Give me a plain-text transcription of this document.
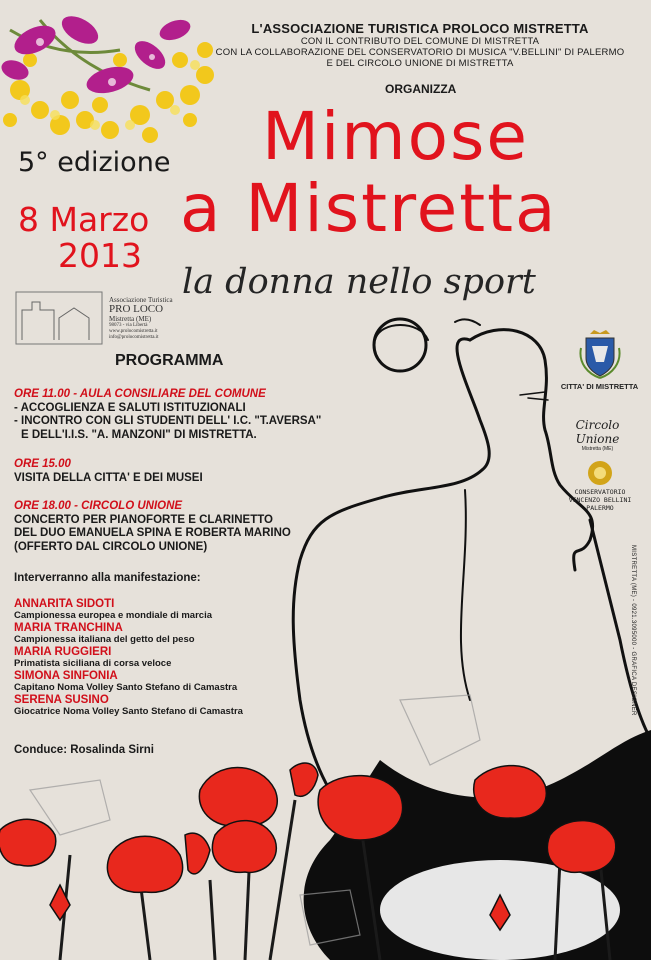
L'ASSOCIAZIONE TURISTICA PROLOCO MISTRETTA
CON IL CONTRIBUTO DEL COMUNE DI MISTRETTA
CON LA COLLABORAZIONE DEL CONSERVATORIO DI MUSICA "V.BELLINI" DI PALERMO
E DEL CIRCOLO UNIONE DI MISTRETTA
ORGANIZZA
Mimose
a Mistretta
5° edizione
8 Marzo
2013
la donna nello sport
Associazione Turistica
PRO LOCO
Mistretta (ME)
98073 - via Libertà
www.prolocomistretta.it
info@prolocomistretta.it
PROGRAMMA
ORE 11.00 - AULA CONSILIARE DEL COMUNE
- ACCOGLIENZA E SALUTI ISTITUZIONALI
- INCONTRO CON GLI STUDENTI DELL' I.C. "T.AVERSA"
E DELL'I.I.S. "A. MANZONI" DI MISTRETTA.
ORE 15.00
VISITA DELLA CITTA' E DEI MUSEI
ORE 18.00 - CIRCOLO UNIONE
CONCERTO PER PIANOFORTE E CLARINETTO
DEL DUO EMANUELA SPINA E ROBERTA MARINO
(OFFERTO DAL CIRCOLO UNIONE)
Interverranno alla manifestazione:
ANNARITA SIDOTI
Campionessa europea e mondiale di marcia
MARIA TRANCHINA
Campionessa italiana del getto del peso
MARIA RUGGIERI
Primatista siciliana di corsa veloce
SIMONA SINFONIA
Capitano Noma Volley Santo Stefano di Camastra
SERENA SUSINO
Giocatrice Noma Volley Santo Stefano di Camastra
Conduce: Rosalinda Sirni
CITTA' DI MISTRETTA
Circolo Unione
Mistretta (ME)
CONSERVATORIO
VINCENZO BELLINI
PALERMO
MISTRETTA (ME) - 0921.3095000 - GRAFICA DESIGNER
